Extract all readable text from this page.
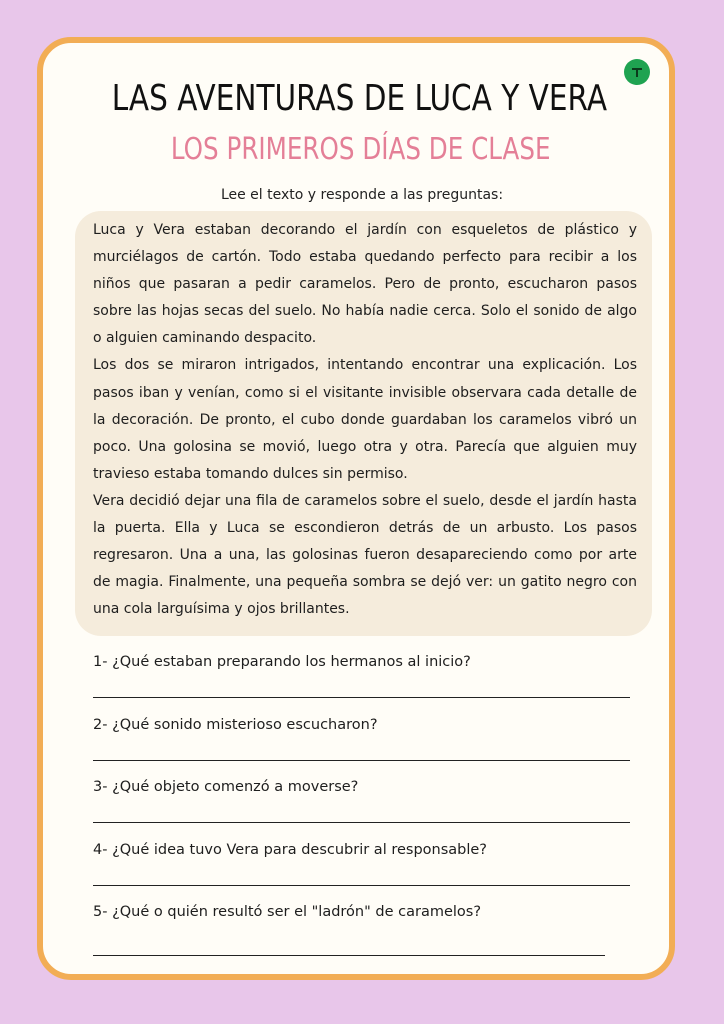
LAS AVENTURAS DE LUCA Y VERA
LOS PRIMEROS DÍAS DE CLASE
Lee el texto y responde a las preguntas:

Luca y Vera estaban decorando el jardín con esqueletos de plástico y murciélagos de cartón. Todo estaba quedando perfecto para recibir a los niños que pasaran a pedir caramelos. Pero de pronto, escucharon pasos sobre las hojas secas del suelo. No había nadie cerca. Solo el sonido de algo o alguien caminando despacito.

Los dos se miraron intrigados, intentando encontrar una explicación. Los pasos iban y venían, como si el visitante invisible observara cada detalle de la decoración. De pronto, el cubo donde guardaban los caramelos vibró un poco. Una golosina se movió, luego otra y otra. Parecía que alguien muy travieso estaba tomando dulces sin permiso.

Vera decidió dejar una fila de caramelos sobre el suelo, desde el jardín hasta la puerta. Ella y Luca se escondieron detrás de un arbusto. Los pasos regresaron. Una a una, las golosinas fueron desapareciendo como por arte de magia. Finalmente, una pequeña sombra se dejó ver: un gatito negro con una cola larguísima y ojos brillantes.

1- ¿Qué estaban preparando los hermanos al inicio?
2- ¿Qué sonido misterioso escucharon?
3- ¿Qué objeto comenzó a moverse?
4- ¿Qué idea tuvo Vera para descubrir al responsable?
5- ¿Qué o quién resultó ser el "ladrón" de caramelos?
